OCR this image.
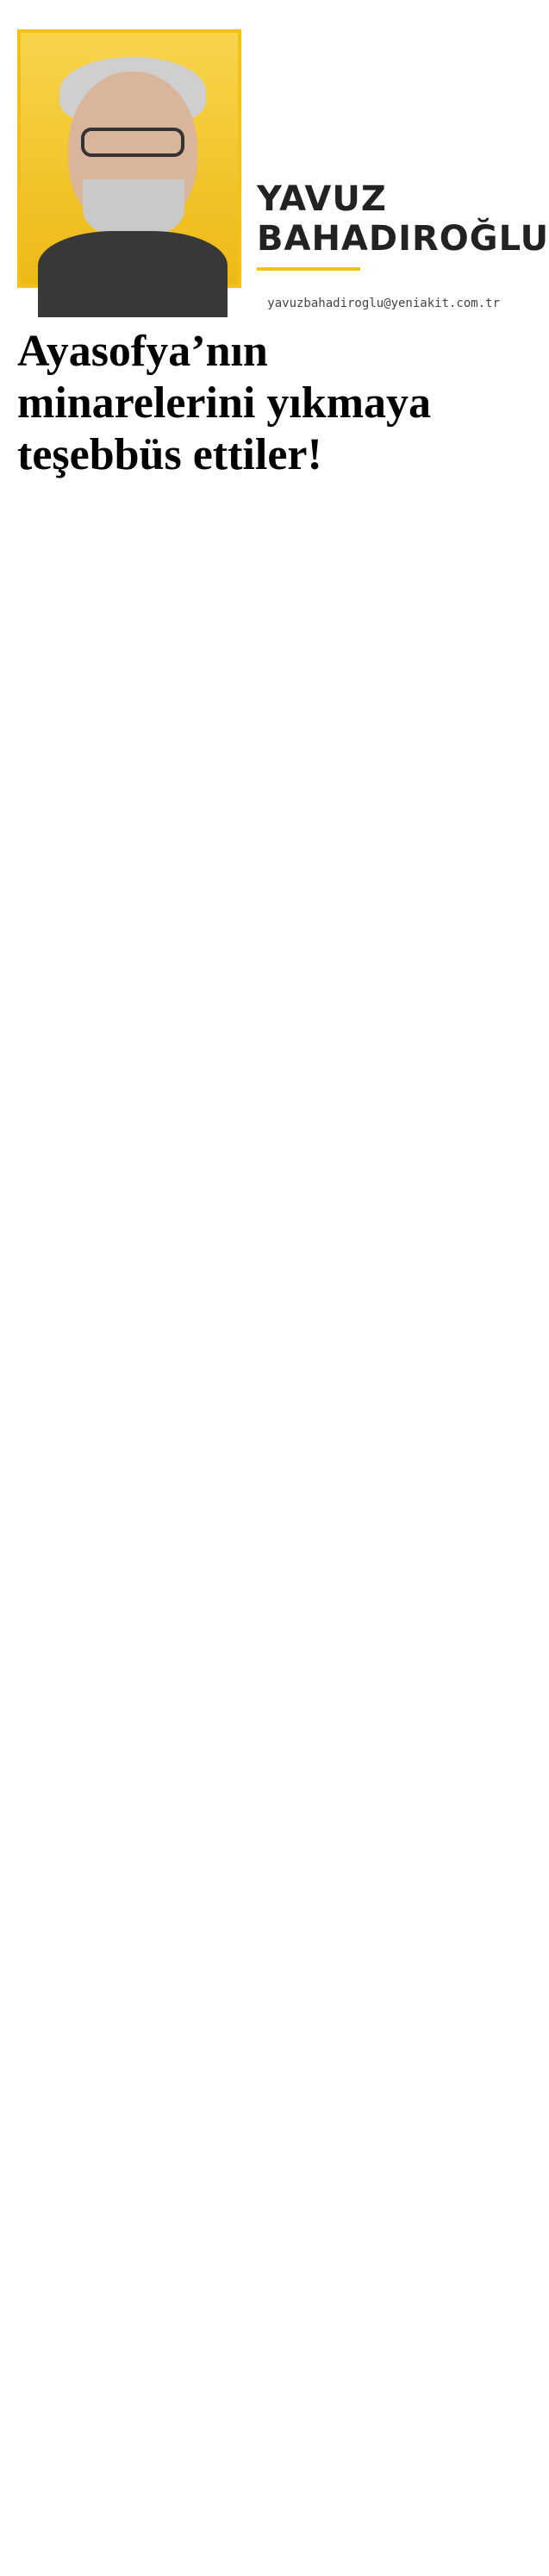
YAVUZ
BAHADIROĞLU
yavuzbahadiroglu@yeniakit.com.tr
Ayasofya’nın minarelerini yıkmaya teşebbüs ettiler!
